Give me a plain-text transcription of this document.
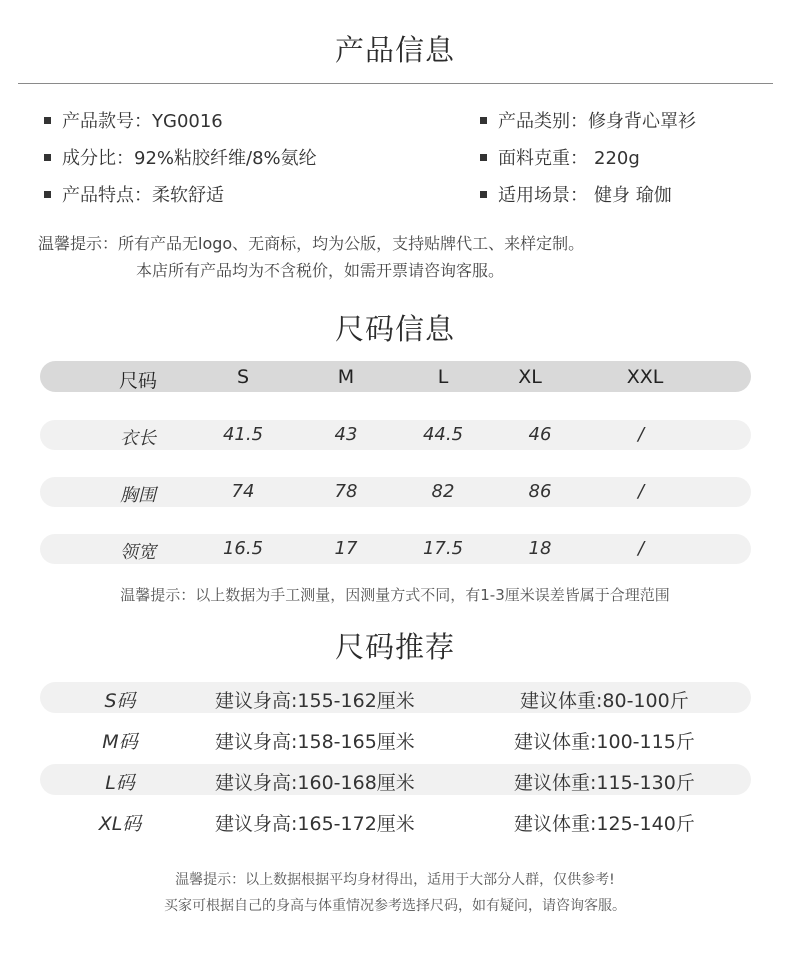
产品信息
产品款号：YG0016
成分比：92%粘胶纤维/8%氨纶
产品特点：柔软舒适
产品类别：修身背心罩衫
面料克重： 220g
适用场景： 健身 瑜伽
温馨提示：所有产品无logo、无商标，均为公版，支持贴牌代工、来样定制。
本店所有产品均为不含税价，如需开票请咨询客服。
尺码信息
尺码	S	M	L	XL	XXL
衣长	41.5	43	44.5	46	/
胸围	74	78	82	86	/
领宽	16.5	17	17.5	18	/
温馨提示：以上数据为手工测量，因测量方式不同，有1-3厘米误差皆属于合理范围
尺码推荐
S码	建议身高:155-162厘米	建议体重:80-100斤
M码	建议身高:158-165厘米	建议体重:100-115斤
L码	建议身高:160-168厘米	建议体重:115-130斤
XL码	建议身高:165-172厘米	建议体重:125-140斤
温馨提示：以上数据根据平均身材得出，适用于大部分人群，仅供参考!
买家可根据自己的身高与体重情况参考选择尺码，如有疑问，请咨询客服。
